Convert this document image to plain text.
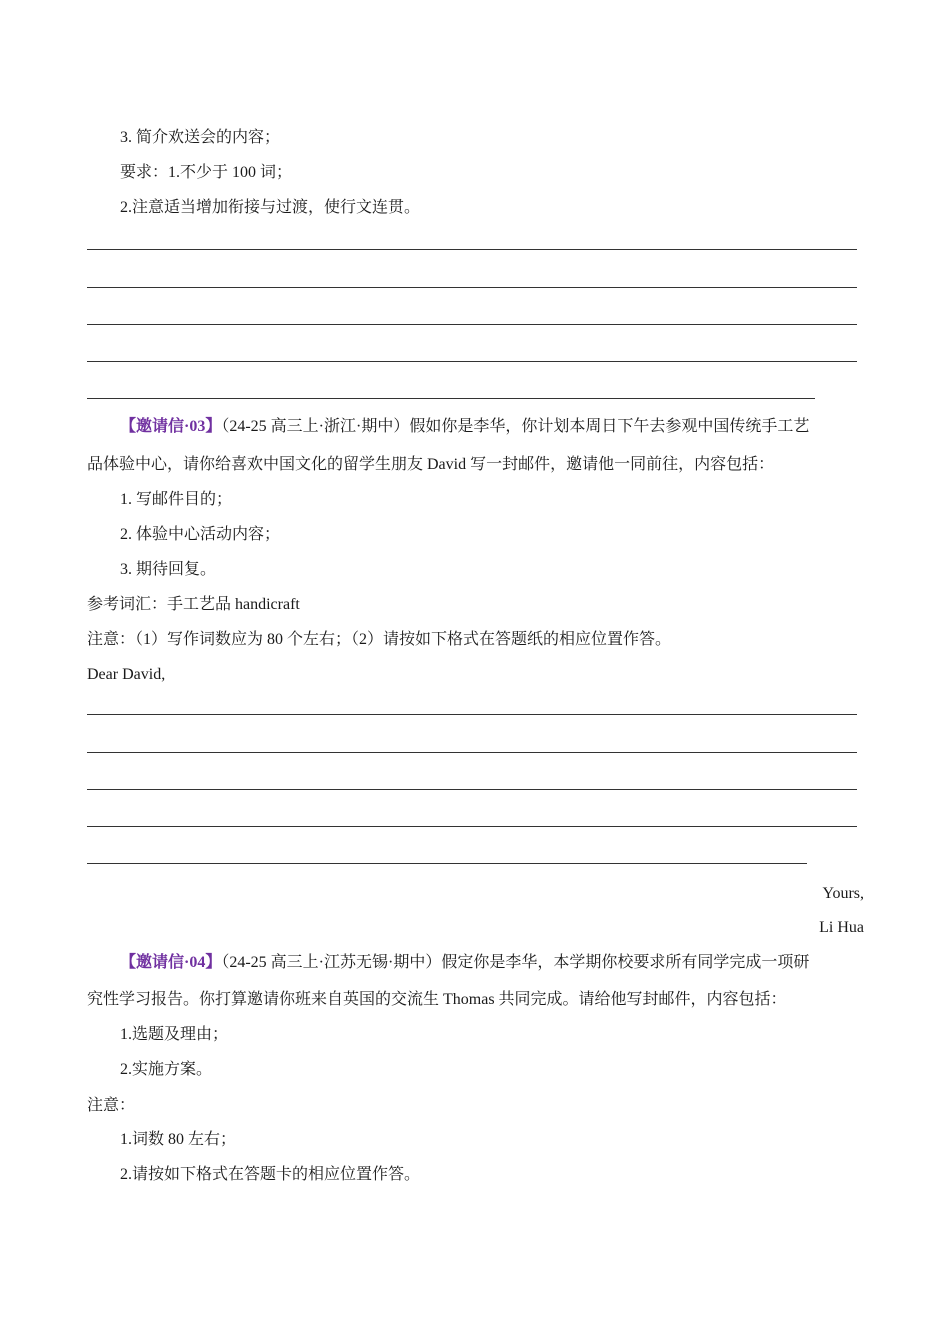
3. 简介欢送会的内容；
要求：1.不少于 100 词；
2.注意适当增加衔接与过渡，使行文连贯。
【邀请信·03】（24-25 高三上·浙江·期中）假如你是李华，你计划本周日下午去参观中国传统手工艺
品体验中心，请你给喜欢中国文化的留学生朋友 David 写一封邮件，邀请他一同前往，内容包括：
1. 写邮件目的；
2. 体验中心活动内容；
3. 期待回复。
参考词汇：手工艺品 handicraft
注意：（1）写作词数应为 80 个左右；（2）请按如下格式在答题纸的相应位置作答。
Dear David,
Yours,
Li Hua
【邀请信·04】（24-25 高三上·江苏无锡·期中）假定你是李华，本学期你校要求所有同学完成一项研
究性学习报告。你打算邀请你班来自英国的交流生 Thomas 共同完成。请给他写封邮件，内容包括：
1.选题及理由；
2.实施方案。
注意：
1.词数 80 左右；
2.请按如下格式在答题卡的相应位置作答。
